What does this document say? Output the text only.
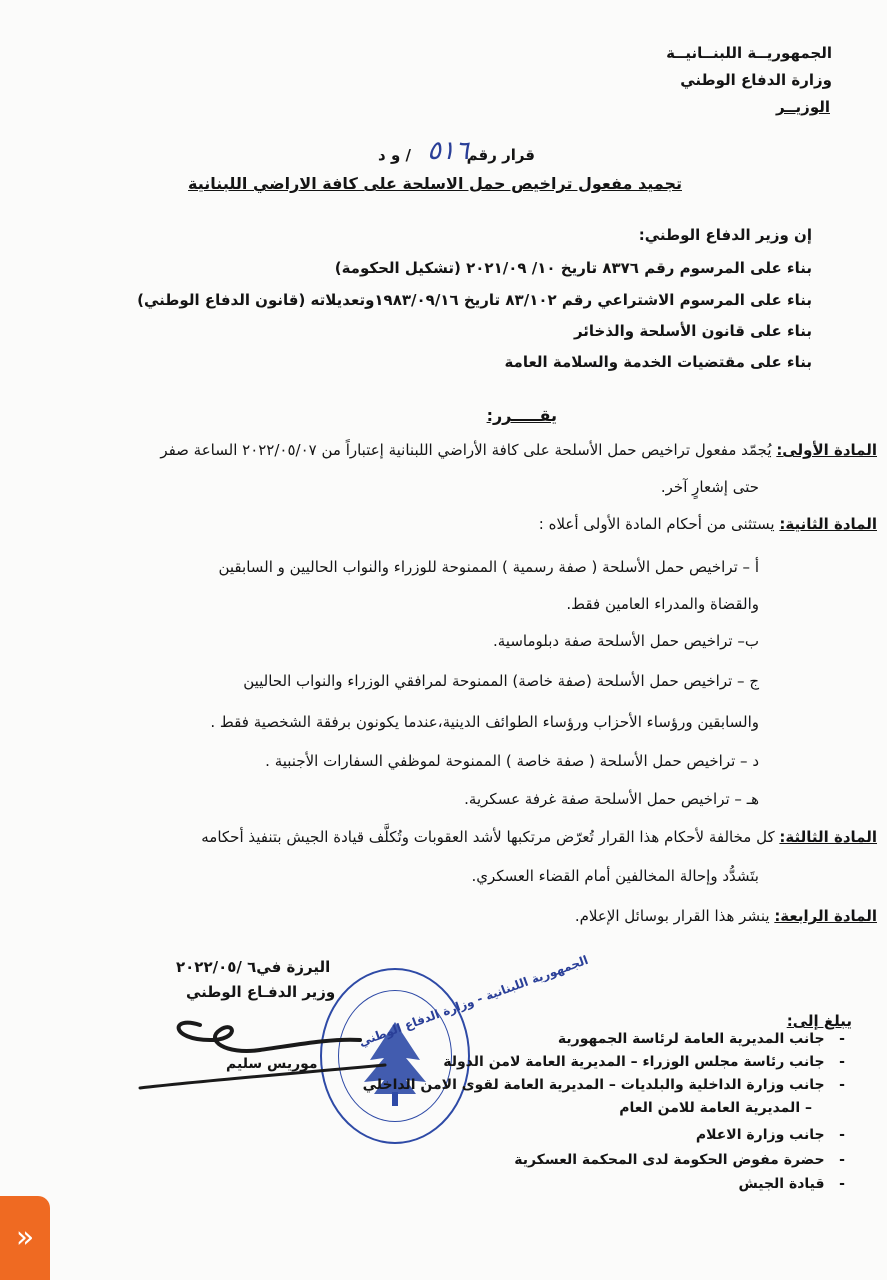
الجمهوريــة اللبنــانيــة
وزارة الدفاع الوطني
الوزيــر
قرار رقم
٥١٦
/ و د
تجميد مفعول تراخيص حمل الاسلحة على كافة الاراضي اللبنانية
إن وزير الدفاع الوطني:
بناء على المرسوم رقم ٨٣٧٦ تاريخ ١٠/ ٢٠٢١/٠٩ (تشكيل الحكومة)
بناء على المرسوم الاشتراعي رقم ٨٣/١٠٢ تاريخ ١٩٨٣/٠٩/١٦وتعديلاته (قانون الدفاع الوطني)
بناء على قانون الأسلحة والذخائر
بناء على مقتضيات الخدمة والسلامة العامة
يقـــــرر:
المادة الأولى: يُجمّد مفعول تراخيص حمل الأسلحة على كافة الأراضي اللبنانية إعتباراً من ٢٠٢٢/٠٥/٠٧ الساعة صفر
حتى إشعارٍ آخر.
المادة الثانية: يستثنى من أحكام المادة الأولى أعلاه :
أ – تراخيص حمل الأسلحة ( صفة رسمية ) الممنوحة للوزراء والنواب الحاليين و السابقين
والقضاة والمدراء العامين فقط.
ب– تراخيص حمل الأسلحة صفة دبلوماسية.
ج – تراخيص حمل الأسلحة (صفة خاصة) الممنوحة لمرافقي الوزراء والنواب الحاليين
والسابقين ورؤساء الأحزاب ورؤساء الطوائف الدينية،عندما يكونون برفقة الشخصية فقط .
د – تراخيص حمل الأسلحة ( صفة خاصة ) الممنوحة لموظفي السفارات الأجنبية .
هـ – تراخيص حمل الأسلحة صفة غرفة عسكرية.
المادة الثالثة: كل مخالفة لأحكام هذا القرار تُعرّض مرتكبها لأشد العقوبات وتُكلَّف قيادة الجيش بتنفيذ أحكامه
بتَشدُّد وإحالة المخالفين أمام القضاء العسكري.
المادة الرابعة: ينشر هذا القرار بوسائل الإعلام.
الجمهورية اللبنانية - وزارة الدفاع الوطني
اليرزة في٦ /٢٠٢٢/٠٥
وزير الدفـاع الوطني
موريس سليم
يبلغ إلى:
-   جانب المديرية العامة لرئاسة الجمهورية
-   جانب رئاسة مجلس الوزراء – المديرية العامة لامن الدولة
-   جانب وزارة الداخلية والبلديات – المديرية العامة لقوى الامن الداخلي
– المديرية العامة للامن العام
-   جانب وزارة الاعلام
-   حضرة مفوض الحكومة لدى المحكمة العسكرية
-   قيادة الجيش
»
